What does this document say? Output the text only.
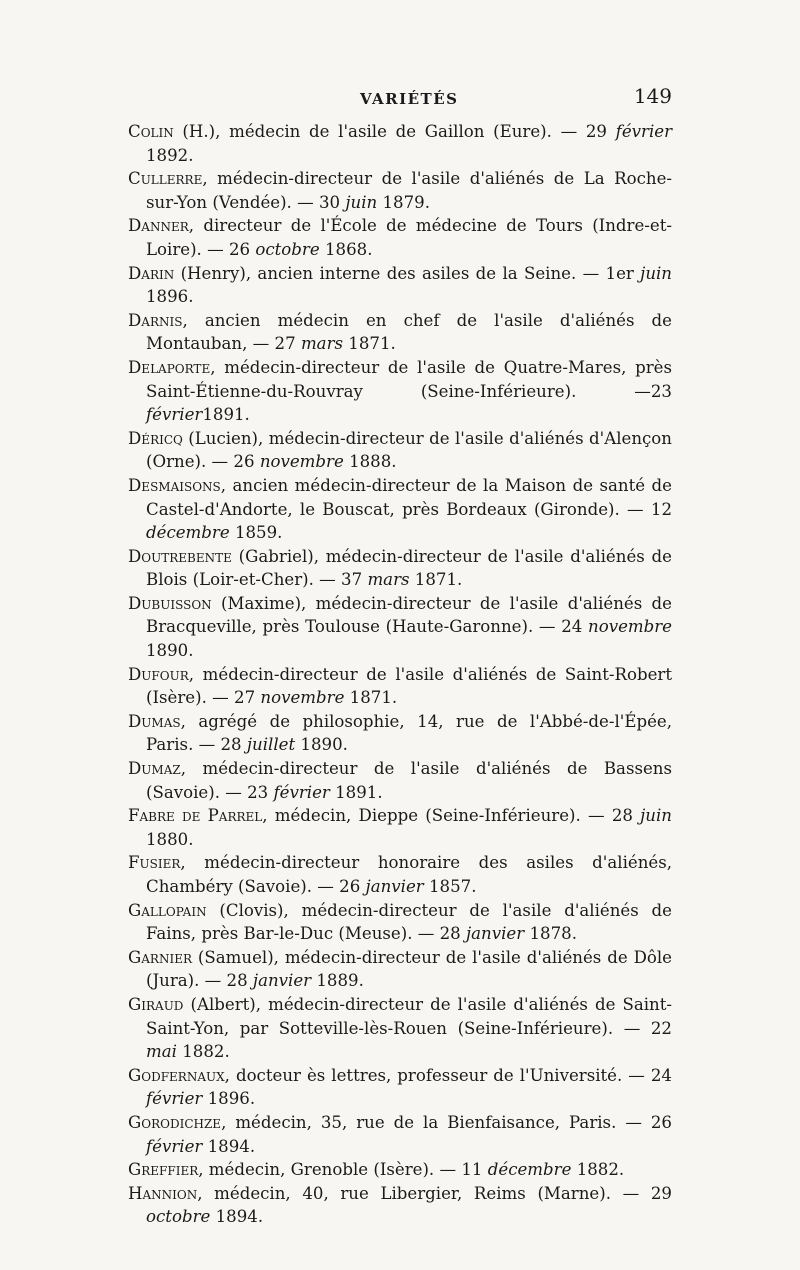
VARIÉTÉS	149

Colin (H.), médecin de l'asile de Gaillon (Eure). — 29 février 1892.

Cullerre, médecin-directeur de l'asile d'aliénés de La Roche-sur-Yon (Vendée). — 30 juin 1879.

Danner, directeur de l'École de médecine de Tours (Indre-et-Loire). — 26 octobre 1868.

Darin (Henry), ancien interne des asiles de la Seine. — 1er juin 1896.

Darnis, ancien médecin en chef de l'asile d'aliénés de Montauban, — 27 mars 1871.

Delaporte, médecin-directeur de l'asile de Quatre-Mares, près Saint-Étienne-du-Rouvray (Seine-Inférieure). —23 février1891.

Déricq (Lucien), médecin-directeur de l'asile d'aliénés d'Alençon (Orne). — 26 novembre 1888.

Desmaisons, ancien médecin-directeur de la Maison de santé de Castel-d'Andorte, le Bouscat, près Bordeaux (Gironde). — 12 décembre 1859.

Doutrebente (Gabriel), médecin-directeur de l'asile d'aliénés de Blois (Loir-et-Cher). — 37 mars 1871.

Dubuisson (Maxime), médecin-directeur de l'asile d'aliénés de Bracqueville, près Toulouse (Haute-Garonne). — 24 novembre 1890.

Dufour, médecin-directeur de l'asile d'aliénés de Saint-Robert (Isère). — 27 novembre 1871.

Dumas, agrégé de philosophie, 14, rue de l'Abbé-de-l'Épée, Paris. — 28 juillet 1890.

Dumaz, médecin-directeur de l'asile d'aliénés de Bassens (Savoie). — 23 février 1891.

Fabre de Parrel, médecin, Dieppe (Seine-Inférieure). — 28 juin 1880.

Fusier, médecin-directeur honoraire des asiles d'aliénés, Chambéry (Savoie). — 26 janvier 1857.

Gallopain (Clovis), médecin-directeur de l'asile d'aliénés de Fains, près Bar-le-Duc (Meuse). — 28 janvier 1878.

Garnier (Samuel), médecin-directeur de l'asile d'aliénés de Dôle (Jura). — 28 janvier 1889.

Giraud (Albert), médecin-directeur de l'asile d'aliénés de Saint-Saint-Yon, par Sotteville-lès-Rouen (Seine-Inférieure). — 22 mai 1882.

Godfernaux, docteur ès lettres, professeur de l'Université. — 24 février 1896.

Gorodichze, médecin, 35, rue de la Bienfaisance, Paris. — 26 février 1894.

Greffier, médecin, Grenoble (Isère). — 11 décembre 1882.

Hannion, médecin, 40, rue Libergier, Reims (Marne). — 29 octobre 1894.
